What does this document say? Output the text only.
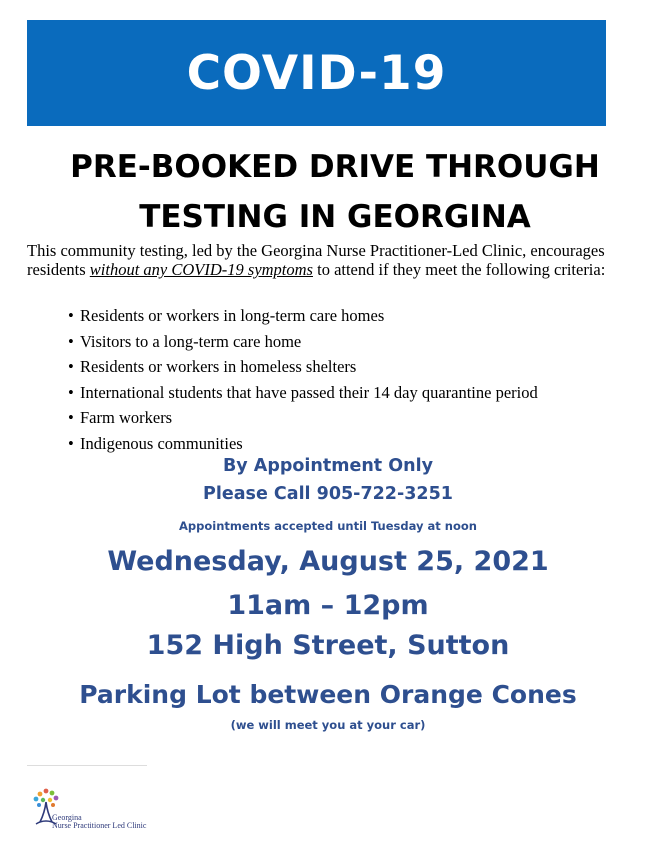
COVID-19
PRE-BOOKED DRIVE THROUGH
TESTING IN GEORGINA
This community testing, led by the Georgina Nurse Practitioner-Led Clinic, encourages residents without any COVID-19 symptoms to attend if they meet the following criteria:
• Residents or workers in long-term care homes
• Visitors to a long-term care home
• Residents or workers in homeless shelters
• International students that have passed their 14 day quarantine period
• Farm workers
• Indigenous communities
By Appointment Only
Please Call 905-722-3251
Appointments accepted until Tuesday at noon
Wednesday, August 25, 2021
11am – 12pm
152 High Street, Sutton
Parking Lot between Orange Cones
(we will meet you at your car)
Georgina
Nurse Practitioner Led Clinic
